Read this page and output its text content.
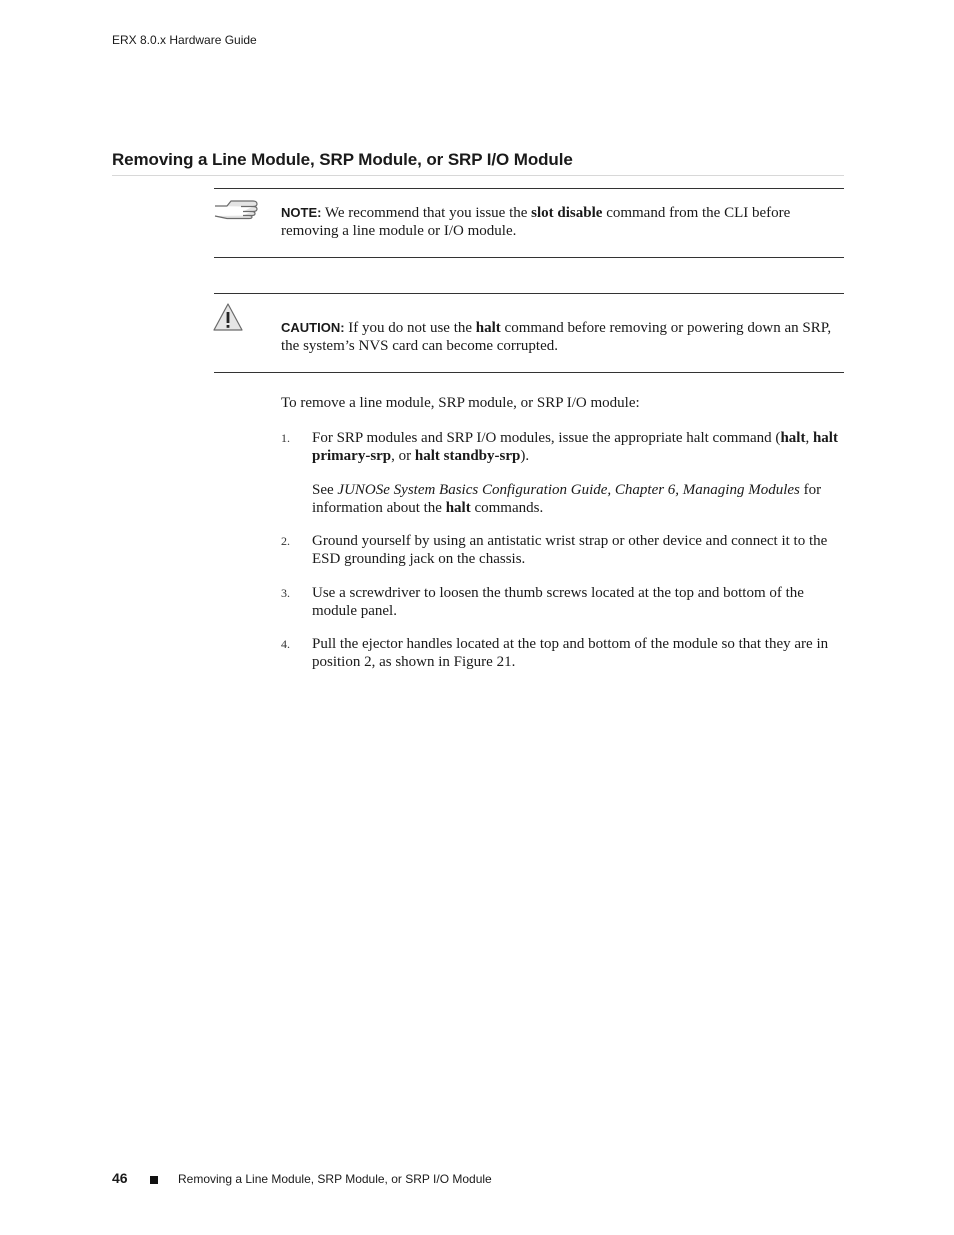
ERX 8.0.x Hardware Guide
Removing a Line Module, SRP Module, or SRP I/O Module
NOTE: We recommend that you issue the slot disable command from the CLI before removing a line module or I/O module.
CAUTION: If you do not use the halt command before removing or powering down an SRP, the system’s NVS card can become corrupted.
To remove a line module, SRP module, or SRP I/O module:
1. For SRP modules and SRP I/O modules, issue the appropriate halt command (halt, halt primary-srp, or halt standby-srp).
See JUNOSe System Basics Configuration Guide, Chapter 6, Managing Modules for information about the halt commands.
2. Ground yourself by using an antistatic wrist strap or other device and connect it to the ESD grounding jack on the chassis.
3. Use a screwdriver to loosen the thumb screws located at the top and bottom of the module panel.
4. Pull the ejector handles located at the top and bottom of the module so that they are in position 2, as shown in Figure 21.
46	Removing a Line Module, SRP Module, or SRP I/O Module
